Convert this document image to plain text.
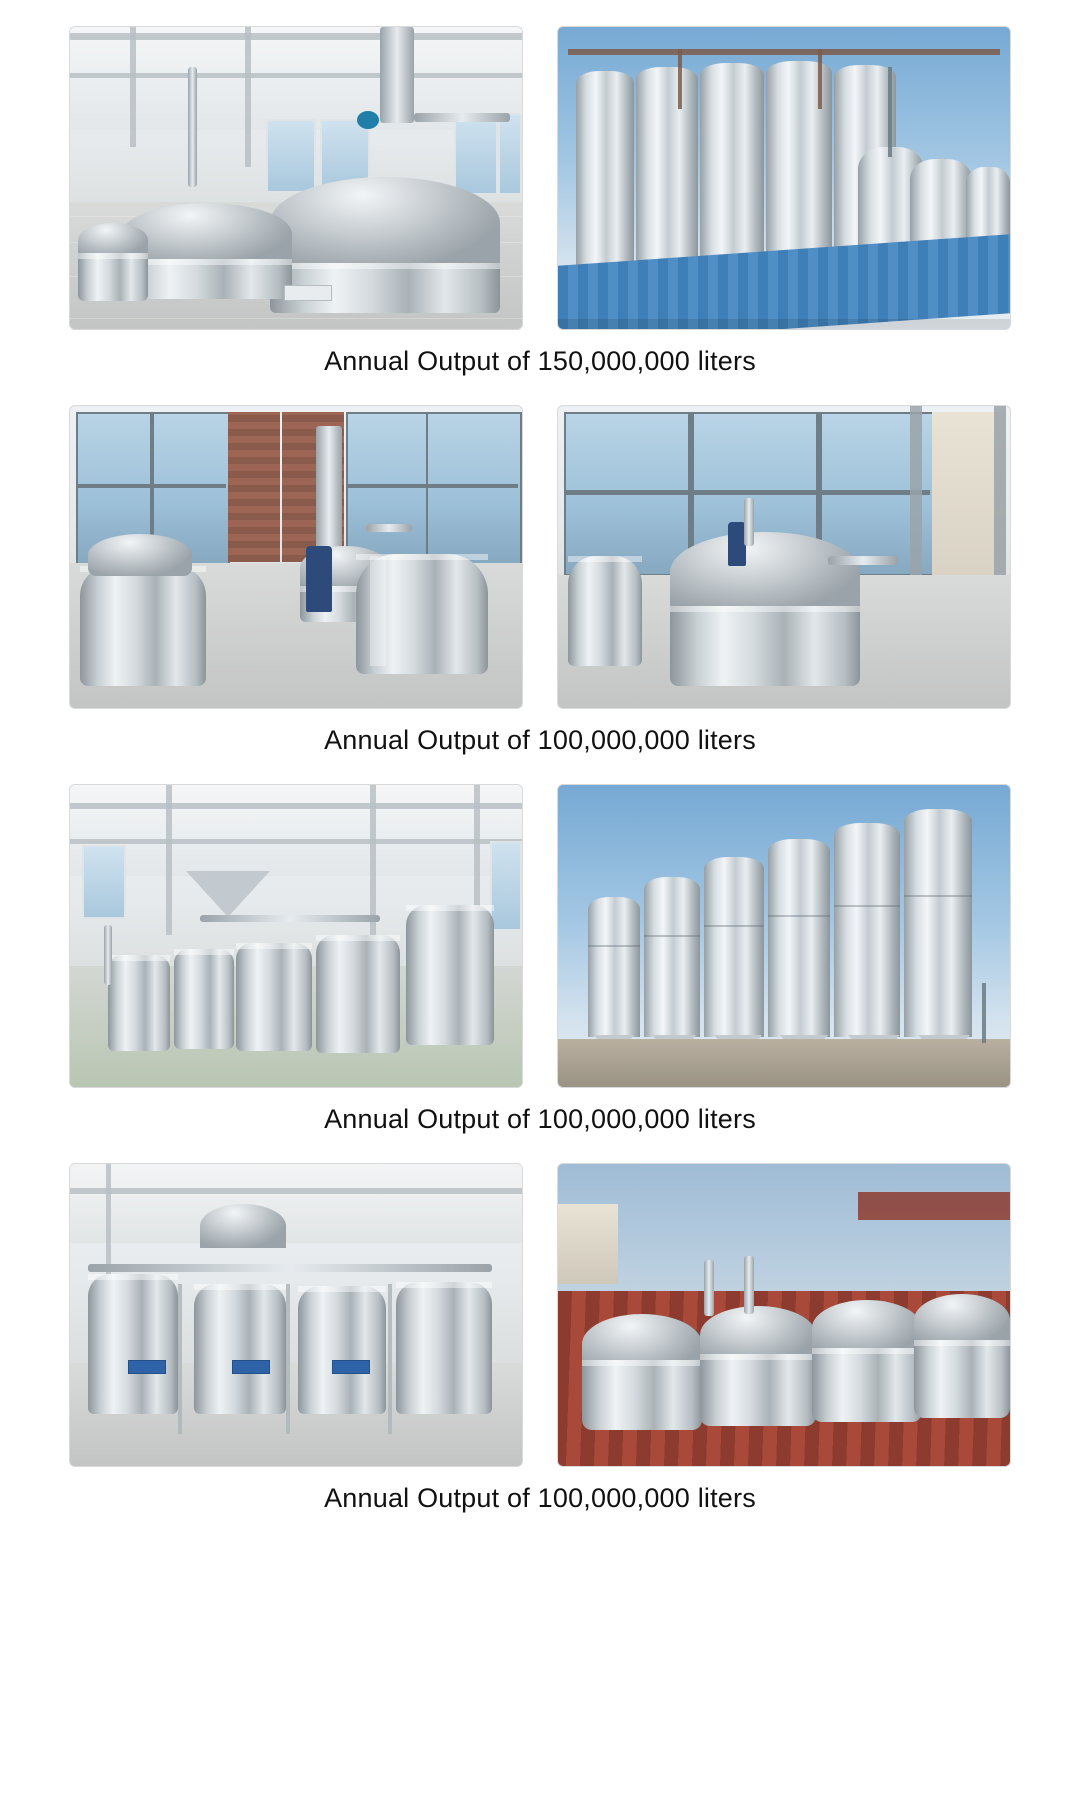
Annual Output of 150,000,000 liters
Annual Output of 100,000,000 liters
Annual Output of 100,000,000 liters
Annual Output of 100,000,000 liters
